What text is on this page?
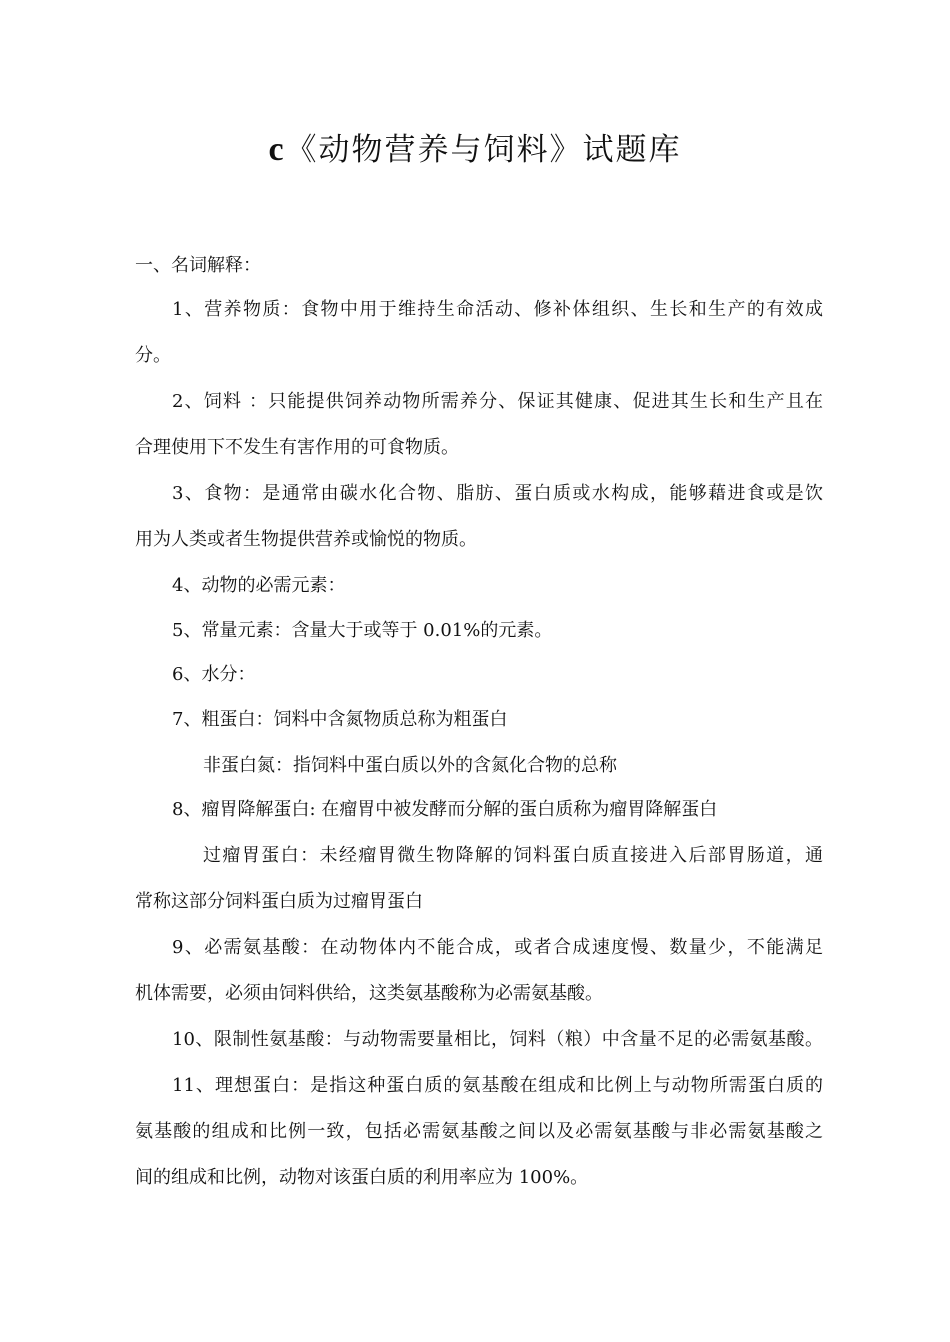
c《动物营养与饲料》试题库
一、名词解释：
1、营养物质：食物中用于维持生命活动、修补体组织、生长和生产的有效成
分。
2、饲料 ：只能提供饲养动物所需养分、保证其健康、促进其生长和生产且在
合理使用下不发生有害作用的可食物质。
3、食物：是通常由碳水化合物、脂肪、蛋白质或水构成，能够藉进食或是饮
用为人类或者生物提供营养或愉悦的物质。
4、动物的必需元素：
5、常量元素：含量大于或等于 0.01%的元素。
6、水分：
7、粗蛋白：饲料中含氮物质总称为粗蛋白
非蛋白氮：指饲料中蛋白质以外的含氮化合物的总称
8、瘤胃降解蛋白: 在瘤胃中被发酵而分解的蛋白质称为瘤胃降解蛋白
过瘤胃蛋白：未经瘤胃微生物降解的饲料蛋白质直接进入后部胃肠道，通
常称这部分饲料蛋白质为过瘤胃蛋白
9、必需氨基酸：在动物体内不能合成，或者合成速度慢、数量少，不能满足
机体需要，必须由饲料供给，这类氨基酸称为必需氨基酸。
10、限制性氨基酸：与动物需要量相比，饲料（粮）中含量不足的必需氨基酸。
11、理想蛋白：是指这种蛋白质的氨基酸在组成和比例上与动物所需蛋白质的
氨基酸的组成和比例一致，包括必需氨基酸之间以及必需氨基酸与非必需氨基酸之
间的组成和比例，动物对该蛋白质的利用率应为 100%。
